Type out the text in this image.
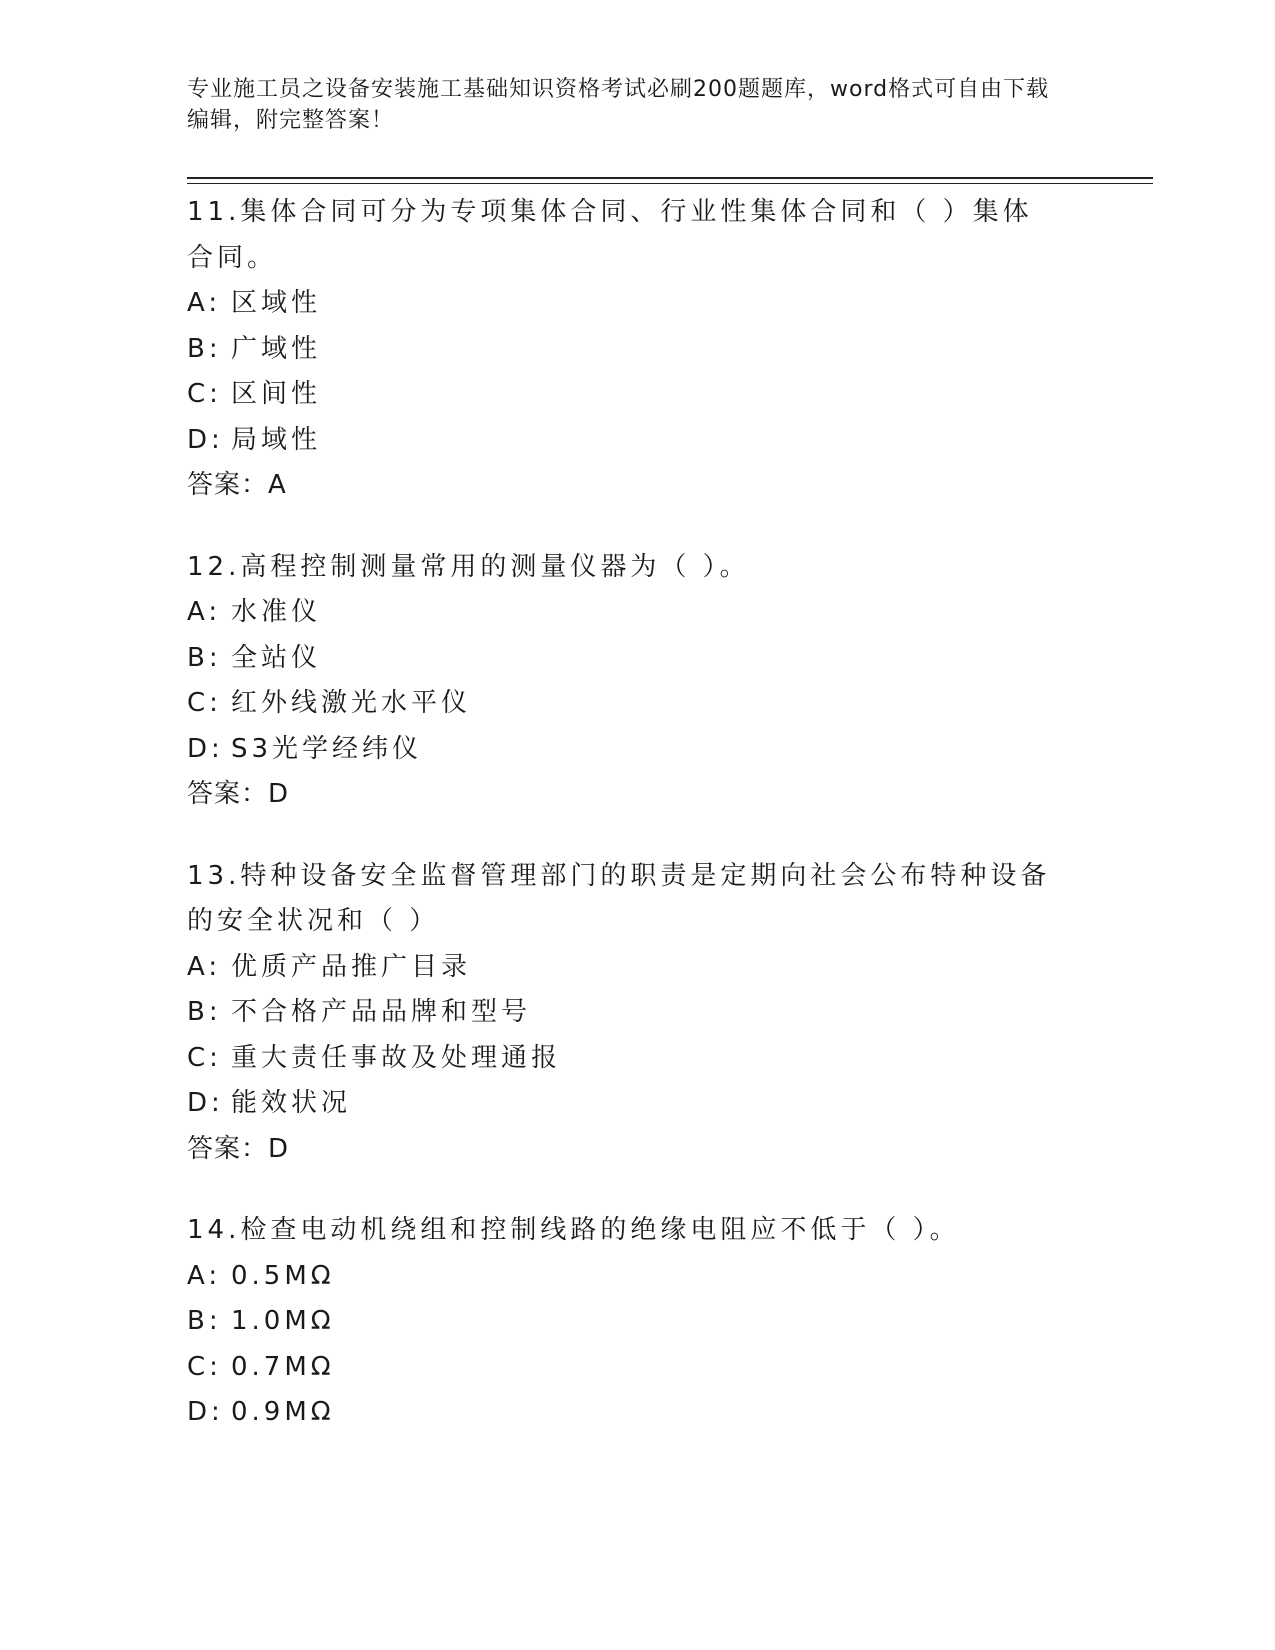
专业施工员之设备安装施工基础知识资格考试必刷200题题库，word格式可自由下载编辑，附完整答案！
11.集体合同可分为专项集体合同、行业性集体合同和（ ）集体合同。
A: 区域性
B: 广域性
C: 区间性
D: 局域性
答案：A
12.高程控制测量常用的测量仪器为（ ）。
A: 水准仪
B: 全站仪
C: 红外线激光水平仪
D: S3光学经纬仪
答案：D
13.特种设备安全监督管理部门的职责是定期向社会公布特种设备的安全状况和（ ）
A: 优质产品推广目录
B: 不合格产品品牌和型号
C: 重大责任事故及处理通报
D: 能效状况
答案：D
14.检查电动机绕组和控制线路的绝缘电阻应不低于（ ）。
A: 0.5MΩ
B: 1.0MΩ
C: 0.7MΩ
D: 0.9MΩ
